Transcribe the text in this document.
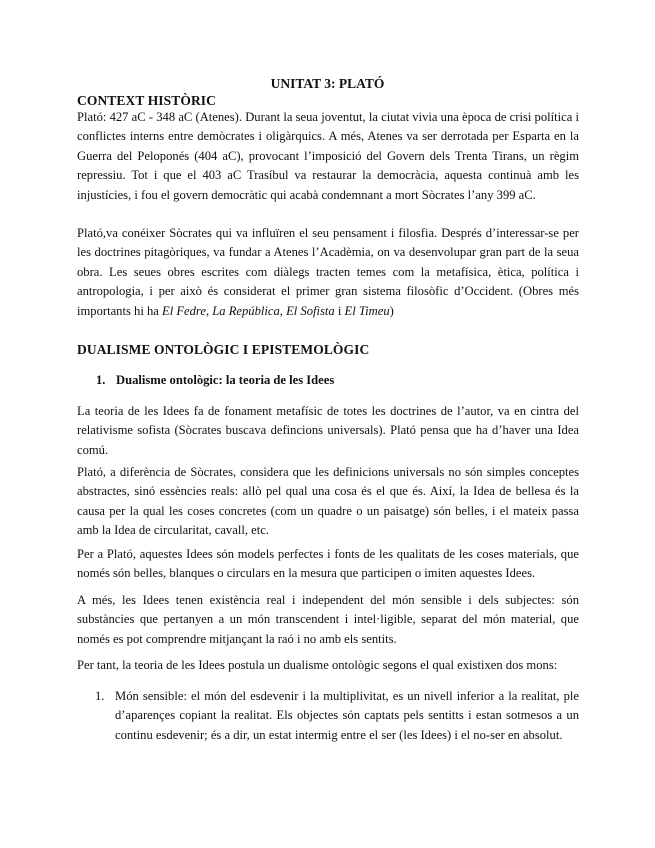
UNITAT 3: PLATÓ
CONTEXT HISTÒRIC

Plató: 427 aC - 348 aC (Atenes). Durant la seua joventut, la ciutat vivia una època de crisi política i conflictes interns entre demòcrates i oligàrquics. A més, Atenes va ser derrotada per Esparta en la Guerra del Peloponés (404 aC), provocant l’imposició del Govern dels Trenta Tirans, un règim repressiu. Tot i que el 403 aC Trasíbul va restaurar la democràcia, aquesta continuà amb les injustícies, i fou el govern democràtic qui acabà condemnant a mort Sòcrates l’any 399 aC.

Plató,va conéixer Sòcrates qui va influïren el seu pensament i filosfia. Després d’interessar-se per les doctrines pitagòriques, va fundar a Atenes l’Acadèmia, on va desenvolupar gran part de la seua obra. Les seues obres escrites com diàlegs tracten temes com la metafísica, ètica, política i antropologia, i per això és considerat el primer gran sistema filosòfic d’Occident. (Obres més importants hi ha El Fedre, La República, El Sofista i El Timeu)

DUALISME ONTOLÒGIC I EPISTEMOLÒGIC

1. Dualisme ontològic: la teoria de les Idees

La teoria de les Idees fa de fonament metafísic de totes les doctrines de l’autor, va en cintra del relativisme sofista (Sòcrates buscava defincions universals). Plató pensa que ha d’haver una Idea comú.

Plató, a diferència de Sòcrates, considera que les definicions universals no són simples conceptes abstractes, sinó essències reals: allò pel qual una cosa és el que és. Així, la Idea de bellesa és la causa per la qual les coses concretes (com un quadre o un paisatge) són belles, i el mateix passa amb la Idea de circularitat, cavall, etc.

Per a Plató, aquestes Idees són models perfectes i fonts de les qualitats de les coses materials, que només són belles, blanques o circulars en la mesura que participen o imiten aquestes Idees.

A més, les Idees tenen existència real i independent del món sensible i dels subjectes: són substàncies que pertanyen a un món transcendent i intel·ligible, separat del món material, que només es pot comprendre mitjançant la raó i no amb els sentits.

Per tant, la teoria de les Idees postula un dualisme ontològic segons el qual existixen dos mons:

1. Món sensible: el món del esdevenir i la multiplivitat, es un nivell inferior a la realitat, ple d’aparençes copiant la realitat. Els objectes són captats pels sentitts i estan sotmesos a un continu esdevenir; és a dir, un estat intermig entre el ser (les Idees) i el no-ser en absolut.
